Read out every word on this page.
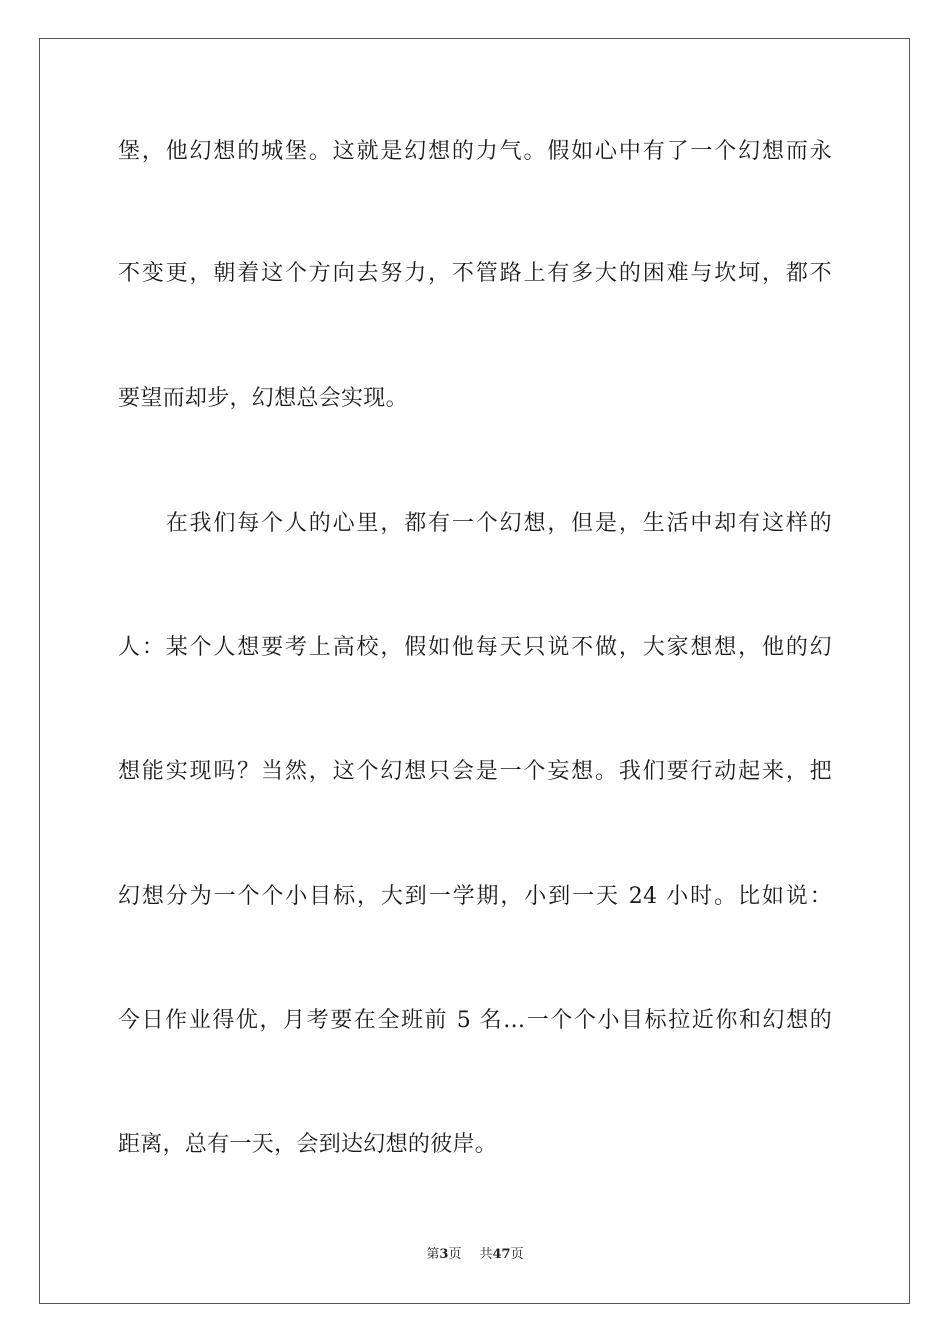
堡，他幻想的城堡。这就是幻想的力气。假如心中有了一个幻想而永
不变更，朝着这个方向去努力，不管路上有多大的困难与坎坷，都不
要望而却步，幻想总会实现。
　　在我们每个人的心里，都有一个幻想，但是，生活中却有这样的
人：某个人想要考上高校，假如他每天只说不做，大家想想，他的幻
想能实现吗？当然，这个幻想只会是一个妄想。我们要行动起来，把
幻想分为一个个小目标，大到一学期，小到一天 24 小时。比如说：
今日作业得优，月考要在全班前 5 名…一个个小目标拉近你和幻想的
距离，总有一天，会到达幻想的彼岸。
第3页 共47页
